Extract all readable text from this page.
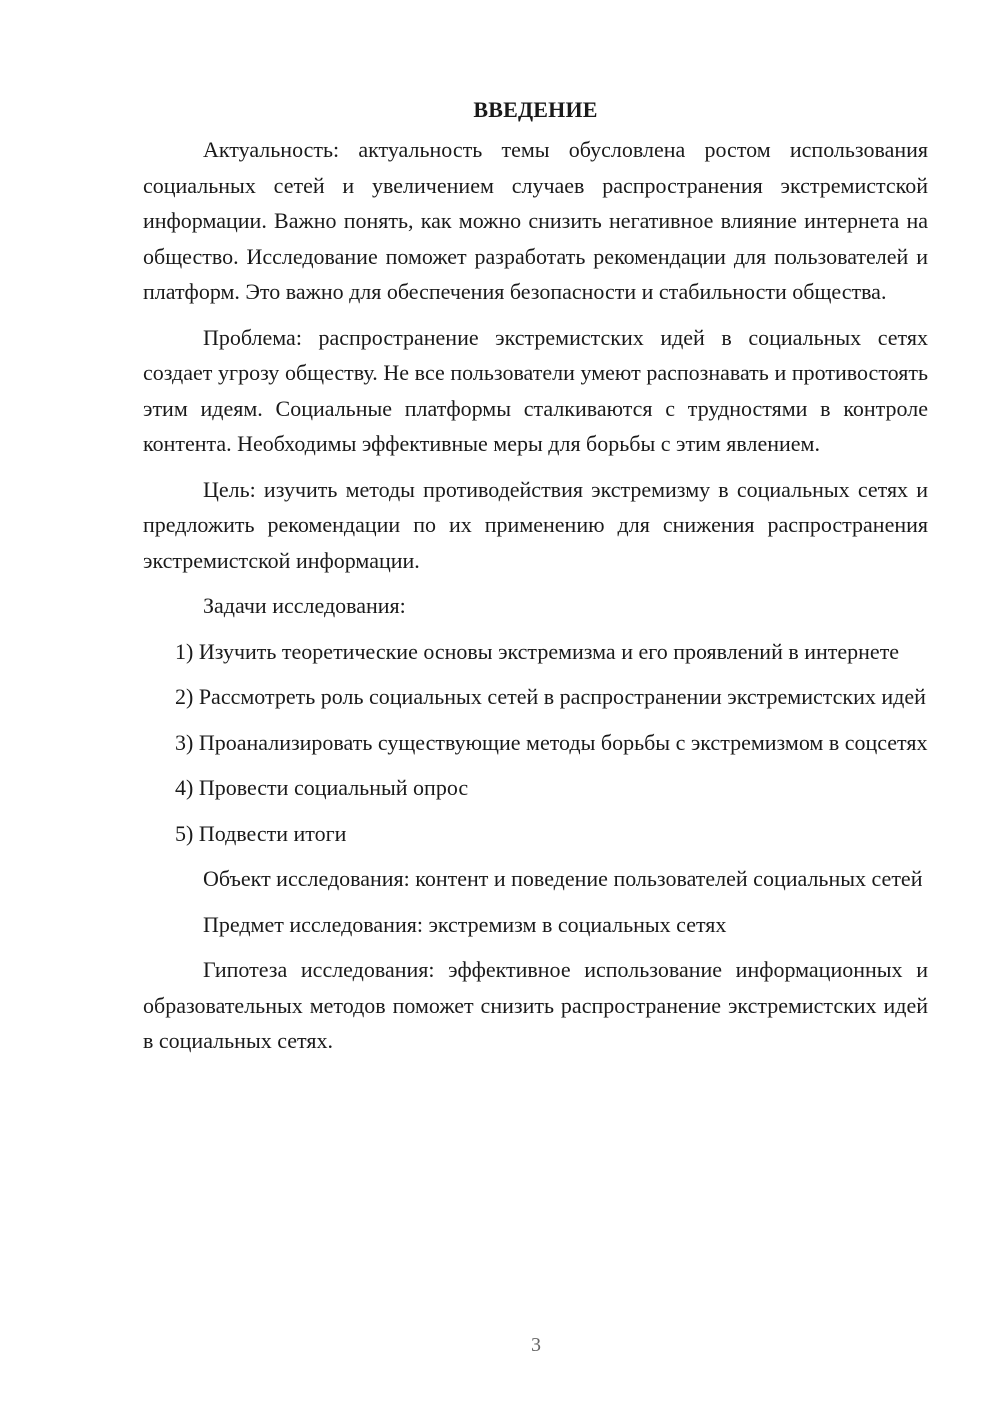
ВВЕДЕНИЕ

Актуальность: актуальность темы обусловлена ростом использования социальных сетей и увеличением случаев распространения экстремистской информации. Важно понять, как можно снизить негативное влияние интернета на общество. Исследование поможет разработать рекомендации для пользователей и платформ. Это важно для обеспечения безопасности и стабильности общества.

Проблема: распространение экстремистских идей в социальных сетях создает угрозу обществу. Не все пользователи умеют распознавать и противостоять этим идеям. Социальные платформы сталкиваются с трудностями в контроле контента. Необходимы эффективные меры для борьбы с этим явлением.

Цель: изучить методы противодействия экстремизму в социальных сетях и предложить рекомендации по их применению для снижения распространения экстремистской информации.

Задачи исследования:

1) Изучить теоретические основы экстремизма и его проявлений в интернете

2) Рассмотреть роль социальных сетей в распространении экстремистских идей

3) Проанализировать существующие методы борьбы с экстремизмом в соцсетях

4) Провести социальный опрос

5) Подвести итоги

Объект исследования: контент и поведение пользователей социальных сетей

Предмет исследования: экстремизм в социальных сетях

Гипотеза исследования: эффективное использование информационных и образовательных методов поможет снизить распространение экстремистских идей в социальных сетях.

3
